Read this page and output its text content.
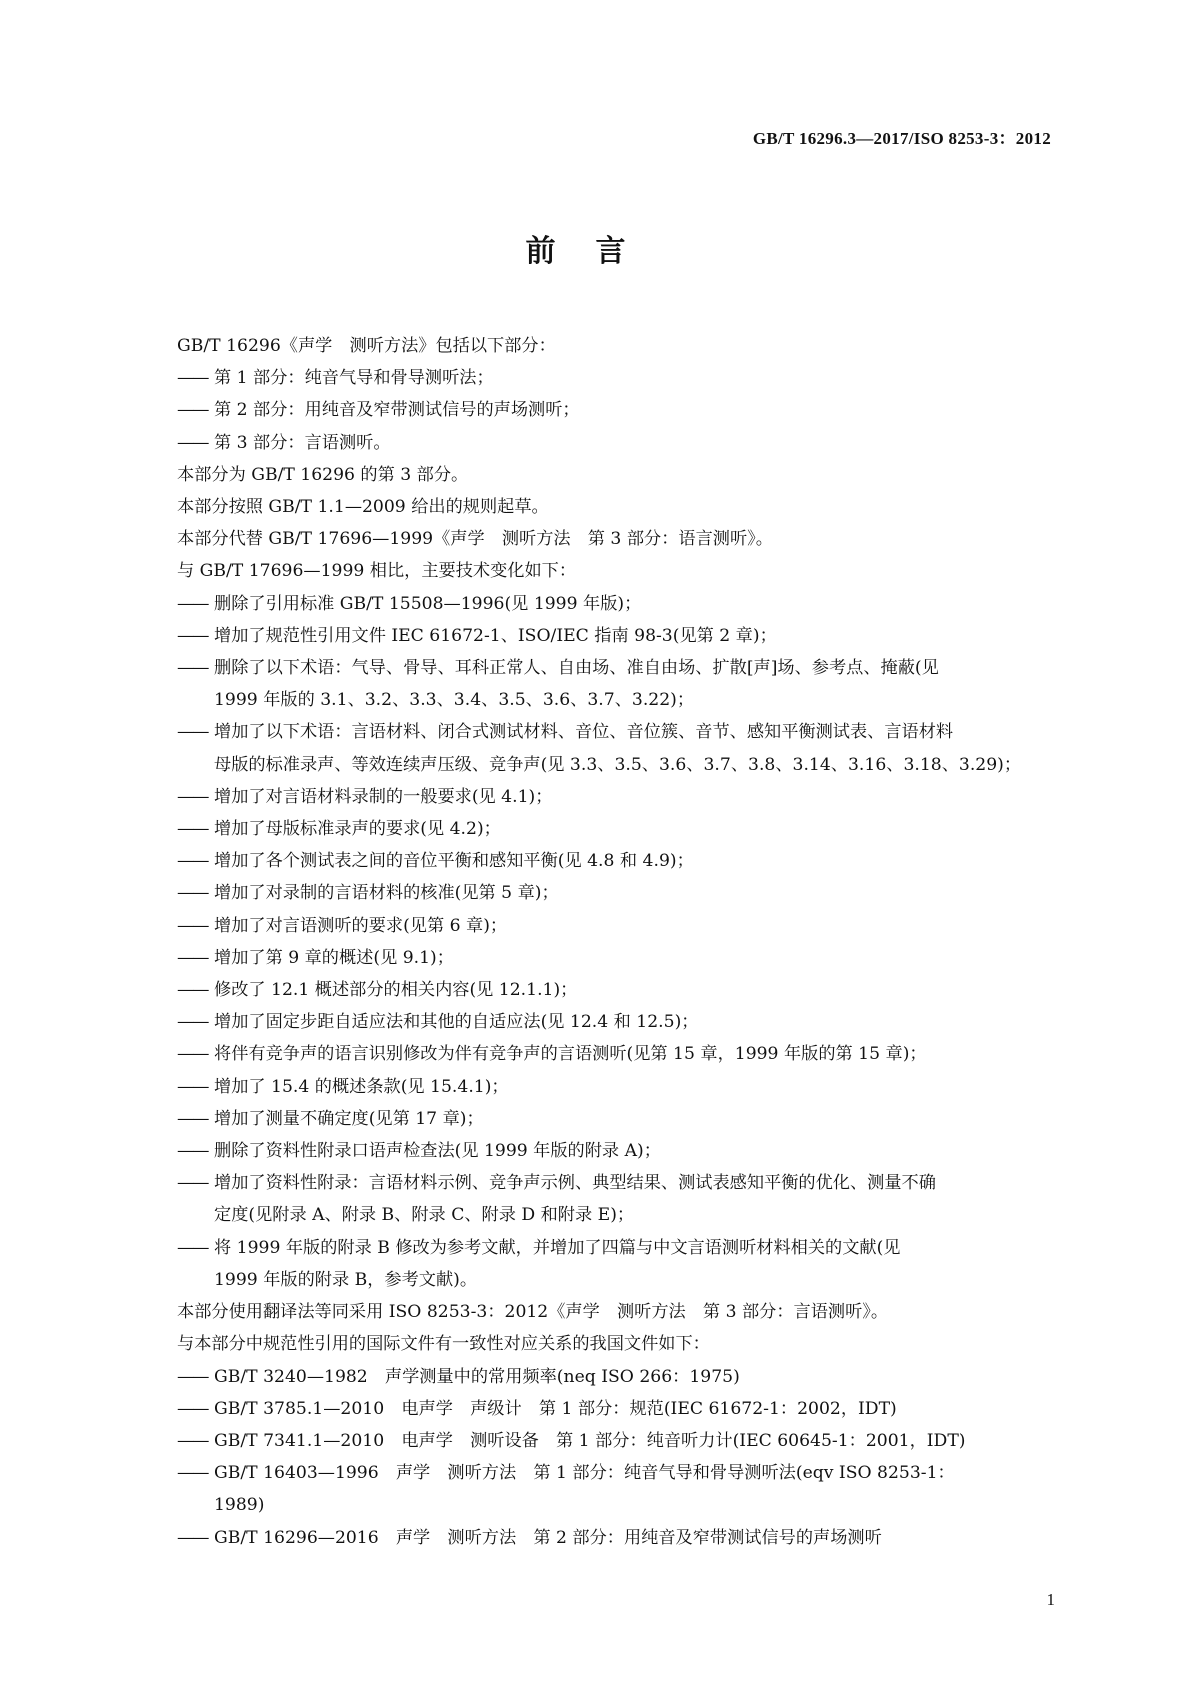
GB/T 16296.3—2017/ISO 8253-3：2012
前言
GB/T 16296《声学　测听方法》包括以下部分：
—— 第 1 部分：纯音气导和骨导测听法；
—— 第 2 部分：用纯音及窄带测试信号的声场测听；
—— 第 3 部分：言语测听。
本部分为 GB/T 16296 的第 3 部分。
本部分按照 GB/T 1.1—2009 给出的规则起草。
本部分代替 GB/T 17696—1999《声学　测听方法　第 3 部分：语言测听》。
与 GB/T 17696—1999 相比，主要技术变化如下：
—— 删除了引用标准 GB/T 15508—1996(见 1999 年版)；
—— 增加了规范性引用文件 IEC 61672-1、ISO/IEC 指南 98-3(见第 2 章)；
—— 删除了以下术语：气导、骨导、耳科正常人、自由场、准自由场、扩散[声]场、参考点、掩蔽(见
1999 年版的 3.1、3.2、3.3、3.4、3.5、3.6、3.7、3.22)；
—— 增加了以下术语：言语材料、闭合式测试材料、音位、音位簇、音节、感知平衡测试表、言语材料
母版的标准录声、等效连续声压级、竞争声(见 3.3、3.5、3.6、3.7、3.8、3.14、3.16、3.18、3.29)；
—— 增加了对言语材料录制的一般要求(见 4.1)；
—— 增加了母版标准录声的要求(见 4.2)；
—— 增加了各个测试表之间的音位平衡和感知平衡(见 4.8 和 4.9)；
—— 增加了对录制的言语材料的核准(见第 5 章)；
—— 增加了对言语测听的要求(见第 6 章)；
—— 增加了第 9 章的概述(见 9.1)；
—— 修改了 12.1 概述部分的相关内容(见 12.1.1)；
—— 增加了固定步距自适应法和其他的自适应法(见 12.4 和 12.5)；
—— 将伴有竞争声的语言识别修改为伴有竞争声的言语测听(见第 15 章，1999 年版的第 15 章)；
—— 增加了 15.4 的概述条款(见 15.4.1)；
—— 增加了测量不确定度(见第 17 章)；
—— 删除了资料性附录口语声检查法(见 1999 年版的附录 A)；
—— 增加了资料性附录：言语材料示例、竞争声示例、典型结果、测试表感知平衡的优化、测量不确
定度(见附录 A、附录 B、附录 C、附录 D 和附录 E)；
—— 将 1999 年版的附录 B 修改为参考文献，并增加了四篇与中文言语测听材料相关的文献(见
1999 年版的附录 B，参考文献)。
本部分使用翻译法等同采用 ISO 8253-3：2012《声学　测听方法　第 3 部分：言语测听》。
与本部分中规范性引用的国际文件有一致性对应关系的我国文件如下：
—— GB/T 3240—1982　声学测量中的常用频率(neq ISO 266：1975)
—— GB/T 3785.1—2010　电声学　声级计　第 1 部分：规范(IEC 61672-1：2002，IDT)
—— GB/T 7341.1—2010　电声学　测听设备　第 1 部分：纯音听力计(IEC 60645-1：2001，IDT)
—— GB/T 16403—1996　声学　测听方法　第 1 部分：纯音气导和骨导测听法(eqv ISO 8253-1：
1989)
—— GB/T 16296—2016　声学　测听方法　第 2 部分：用纯音及窄带测试信号的声场测听
1
